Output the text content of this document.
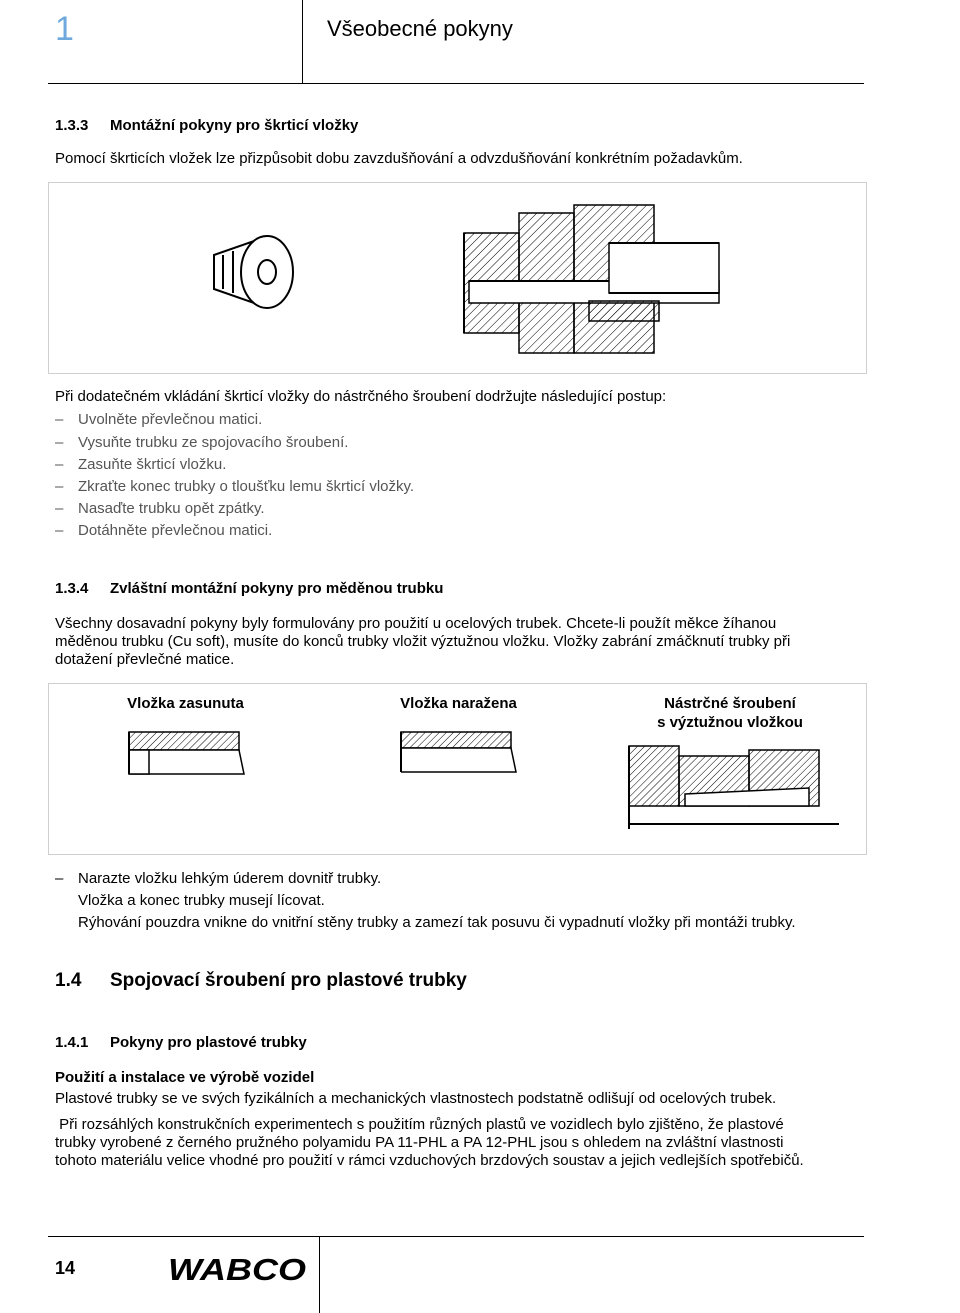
1	Všeobecné pokyny
1.3.3 Montážní pokyny pro škrticí vložky
Pomocí škrticích vložek lze přizpůsobit dobu zavzdušňování a odvzdušňování konkrétním požadavkům.
Při dodatečném vkládání škrticí vložky do nástrčného šroubení dodržujte následující postup:
– Uvolněte převlečnou matici.
– Vysuňte trubku ze spojovacího šroubení.
– Zasuňte škrticí vložku.
– Zkraťte konec trubky o tloušťku lemu škrticí vložky.
– Nasaďte trubku opět zpátky.
– Dotáhněte převlečnou matici.
1.3.4 Zvláštní montážní pokyny pro měděnou trubku
Všechny dosavadní pokyny byly formulovány pro použití u ocelových trubek. Chcete-li použít měkce žíhanou
měděnou trubku (Cu soft), musíte do konců trubky vložit výztužnou vložku. Vložky zabrání zmáčknutí trubky při
dotažení převlečné matice.
Vložka zasunuta	Vložka naražena	Nástrčné šroubení
s výztužnou vložkou
– Narazte vložku lehkým úderem dovnitř trubky.
Vložka a konec trubky musejí lícovat.
Rýhování pouzdra vnikne do vnitřní stěny trubky a zamezí tak posuvu či vypadnutí vložky při montáži trubky.
1.4 Spojovací šroubení pro plastové trubky
1.4.1 Pokyny pro plastové trubky
Použití a instalace ve výrobě vozidel
Plastové trubky se ve svých fyzikálních a mechanických vlastnostech podstatně odlišují od ocelových trubek.
Při rozsáhlých konstrukčních experimentech s použitím různých plastů ve vozidlech bylo zjištěno, že plastové
trubky vyrobené z černého pružného polyamidu PA 11-PHL a PA 12-PHL jsou s ohledem na zvláštní vlastnosti
tohoto materiálu velice vhodné pro použití v rámci vzduchových brzdových soustav a jejich vedlejších spotřebičů.
14	WABCO
